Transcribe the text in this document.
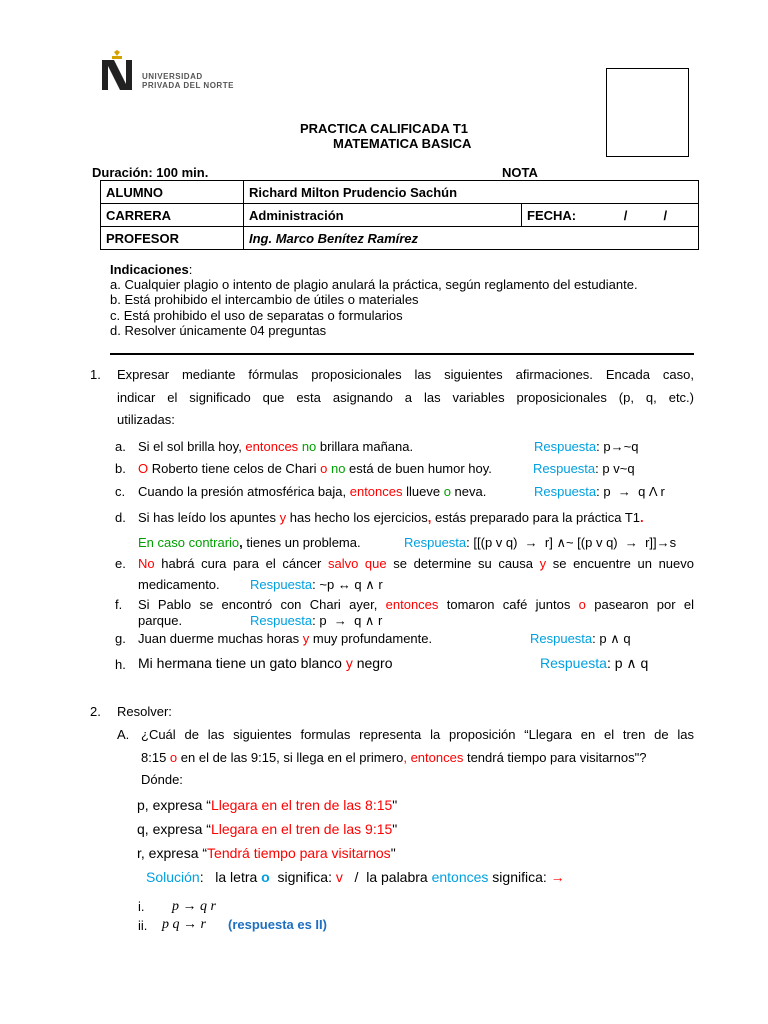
UNIVERSIDAD
PRIVADA DEL NORTE
PRACTICA CALIFICADA T1
MATEMATICA BASICA
Duración: 100 min.	NOTA
ALUMNO	Richard Milton Prudencio Sachún	
CARRERA	Administración	FECHA: /          /
PROFESOR	Ing. Marco Benítez Ramírez	
Indicaciones:
a. Cualquier plagio o intento de plagio anulará la práctica, según reglamento del estudiante.
b. Está prohibido el intercambio de útiles o materiales
c. Está prohibido el uso de separatas o formularios
d. Resolver únicamente 04 preguntas
1. Expresar mediante fórmulas proposicionales las siguientes afirmaciones. Encada caso,
indicar el significado que esta asignando a las variables proposicionales (p, q, etc.)
utilizadas:
a. Si el sol brilla hoy, entonces no brillara mañana.	Respuesta: p→~q
b. O Roberto tiene celos de Chari o no está de buen humor hoy.	Respuesta: p v~q
c. Cuando la presión atmosférica baja, entonces llueve o neva.	Respuesta: p  →  q Λ r
d. Si has leído los apuntes y has hecho los ejercicios, estás preparado para la práctica T1.
En caso contrario, tienes un problema.	Respuesta: [[(p v q)  →  r] ∧~ [(p v q)  →  r]]→s
e. No habrá cura para el cáncer salvo que se determine su causa y se encuentre un nuevo
medicamento. Respuesta: ~p ↔ q ∧ r
f. Si Pablo se encontró con Chari ayer, entonces tomaron café juntos o pasearon por el
parque.	Respuesta: p  →  q ∧ r
g. Juan duerme muchas horas y muy profundamente.	Respuesta: p ∧ q
h. Mi hermana tiene un gato blanco y negro	Respuesta: p ∧ q
2. Resolver:
A. ¿Cuál de las siguientes formulas representa la proposición “Llegara en el tren de las
8:15 o en el de las 9:15, si llega en el primero, entonces tendrá tiempo para visitarnos"?
Dónde:
p, expresa “Llegara en el tren de las 8:15"
q, expresa “Llegara en el tren de las 9:15"
r, expresa “Tendrá tiempo para visitarnos"
Solución:   la letra o  significa: v   /  la palabra entonces significa: →
i. p → q r
ii. p q → r (respuesta es II)
